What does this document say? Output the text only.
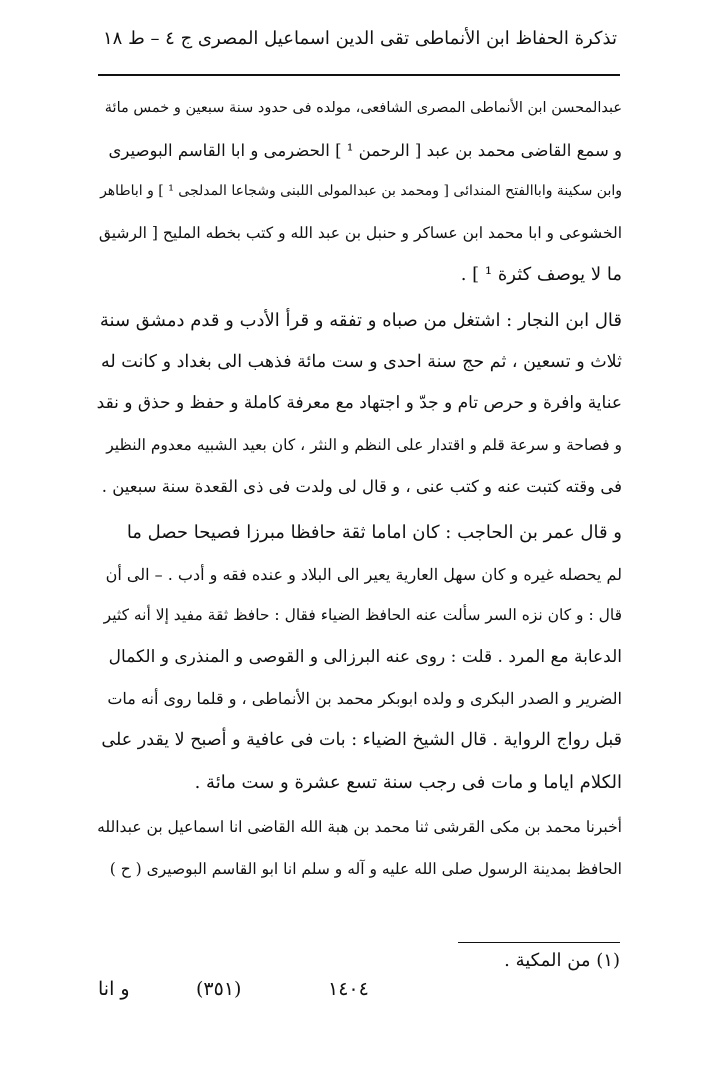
تذكرة الحفاظ ابن الأنماطى تقى الدين اسماعيل المصرى ج ٤ – ط ١٨
عبدالمحسن ابن الأنماطى المصرى الشافعى، مولده فى حدود سنة سبعين و خمس مائة
و سمع القاضى محمد بن عبد [ الرحمن ¹ ] الحضرمى و ابا القاسم البوصيرى
وابن سكينة واباالفتح المندائى [ ومحمد بن عبدالمولى اللبنى وشجاعا المدلجى ¹ ] و اباطاهر
الخشوعى و ابا محمد ابن عساكر و حنبل بن عبد الله و كتب بخطه المليح [ الرشيق
ما لا يوصف كثرة ¹ ] .
قال ابن النجار : اشتغل من صباه و تفقه و قرأ الأدب و قدم دمشق سنة
ثلاث و تسعين ، ثم حج سنة احدى و ست مائة فذهب الى بغداد و كانت له
عناية وافرة و حرص تام و جدّ و اجتهاد مع معرفة كاملة و حفظ و حذق و نقد
و فصاحة و سرعة قلم و اقتدار على النظم و النثر ، كان بعيد الشبيه معدوم النظير
فى وقته كتبت عنه و كتب عنى ، و قال لى ولدت فى ذى القعدة سنة سبعين .
و قال عمر بن الحاجب : كان اماما ثقة حافظا مبرزا فصيحا حصل ما
لم يحصله غيره و كان سهل العارية يعير الى البلاد و عنده فقه و أدب . – الى أن
قال : و كان نزه السر سألت عنه الحافظ الضياء فقال : حافظ ثقة مفيد إلا أنه كثير
الدعابة مع المرد . قلت : روى عنه البرزالى و القوصى و المنذرى و الكمال
الضرير و الصدر البكرى و ولده ابوبكر محمد بن الأنماطى ، و قلما روى أنه مات
قبل رواج الرواية . قال الشيخ الضياء : بات فى عافية و أصبح لا يقدر على
الكلام اياما و مات فى رجب سنة تسع عشرة و ست مائة .
أخبرنا محمد بن مكى القرشى ثنا محمد بن هبة الله القاضى انا اسماعيل بن عبدالله
الحافظ بمدينة الرسول صلى الله عليه و آله و سلم انا ابو القاسم البوصيرى ( ح )
(١) من المكية .
و انا	(٣٥١)	١٤٠٤
